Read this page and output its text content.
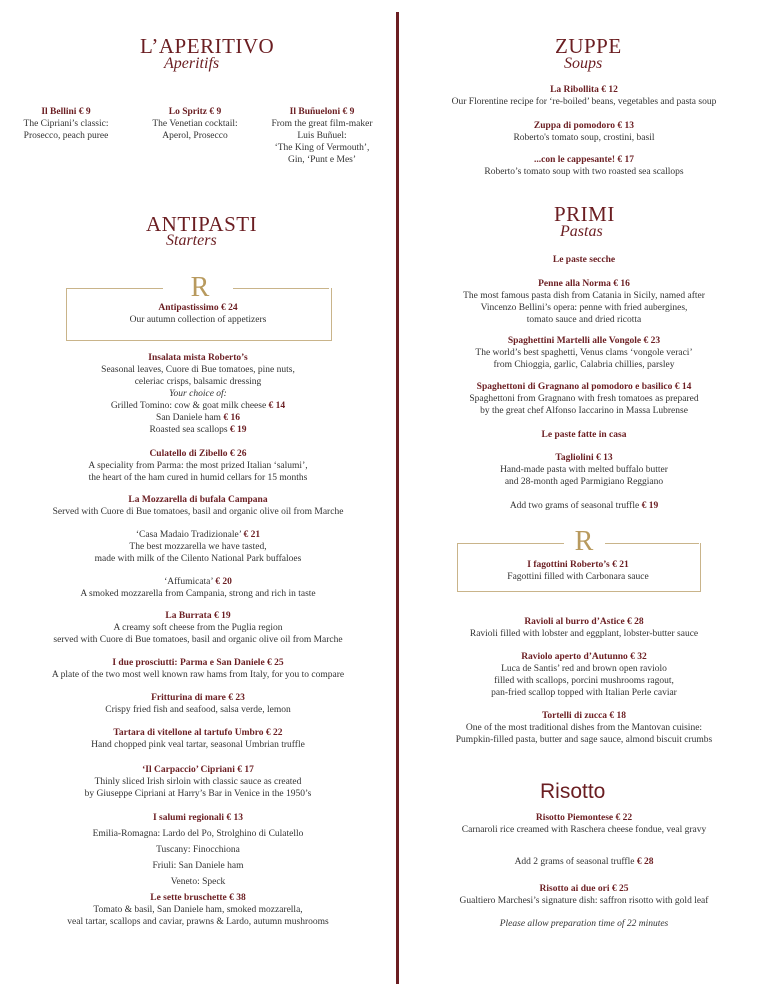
L’APERITIVO
Aperitifs
Il Bellini € 9
The Cipriani’s classic:
Prosecco, peach puree
Lo Spritz € 9
The Venetian cocktail:
Aperol, Prosecco
Il Buñueloni € 9
From the great film-maker
Luis Buñuel:
‘The King of Vermouth’,
Gin, ‘Punt e Mes’
ANTIPASTI
Starters
R
Antipastissimo € 24
Our autumn collection of appetizers
Insalata mista Roberto’s
Seasonal leaves, Cuore di Bue tomatoes, pine nuts,
celeriac crisps, balsamic dressing
Your choice of:
Grilled Tomino: cow & goat milk cheese € 14
San Daniele ham € 16
Roasted sea scallops € 19
Culatello di Zibello € 26
A speciality from Parma: the most prized Italian ‘salumi’,
the heart of the ham cured in humid cellars for 15 months
La Mozzarella di bufala Campana
Served with Cuore di Bue tomatoes, basil and organic olive oil from Marche
‘Casa Madaio Tradizionale’ € 21
The best mozzarella we have tasted,
made with milk of the Cilento National Park buffaloes
‘Affumicata’ € 20
A smoked mozzarella from Campania, strong and rich in taste
La Burrata € 19
A creamy soft cheese from the Puglia region
served with Cuore di Bue tomatoes, basil and organic olive oil from Marche
I due prosciutti: Parma e San Daniele € 25
A plate of the two most well known raw hams from Italy, for you to compare
Fritturina di mare € 23
Crispy fried fish and seafood, salsa verde, lemon
Tartara di vitellone al tartufo Umbro € 22
Hand chopped pink veal tartar, seasonal Umbrian truffle
‘Il Carpaccio’ Cipriani € 17
Thinly sliced Irish sirloin with classic sauce as created
by Giuseppe Cipriani at Harry’s Bar in Venice in the 1950’s
I salumi regionali € 13
Emilia-Romagna: Lardo del Po, Strolghino di Culatello
Tuscany: Finocchiona
Friuli: San Daniele ham
Veneto: Speck
Le sette bruschette € 38
Tomato & basil, San Daniele ham, smoked mozzarella,
veal tartar, scallops and caviar, prawns & Lardo, autumn mushrooms
ZUPPE
Soups
La Ribollita € 12
Our Florentine recipe for ‘re-boiled’ beans, vegetables and pasta soup
Zuppa di pomodoro € 13
Roberto's tomato soup, crostini, basil
...con le cappesante! € 17
Roberto’s tomato soup with two roasted sea scallops
PRIMI
Pastas
Le paste secche
Penne alla Norma € 16
The most famous pasta dish from Catania in Sicily, named after
Vincenzo Bellini’s opera: penne with fried aubergines,
tomato sauce and dried ricotta
Spaghettini Martelli alle Vongole € 23
The world’s best spaghetti, Venus clams ‘vongole veraci’
from Chioggia, garlic, Calabria chillies, parsley
Spaghettoni di Gragnano al pomodoro e basilico € 14
Spaghettoni from Gragnano with fresh tomatoes as prepared
by the great chef Alfonso Iaccarino in Massa Lubrense
Le paste fatte in casa
Tagliolini € 13
Hand-made pasta with melted buffalo butter
and 28-month aged Parmigiano Reggiano
Add two grams of seasonal truffle € 19
R
I fagottini Roberto’s € 21
Fagottini filled with Carbonara sauce
Ravioli al burro d’Astice € 28
Ravioli filled with lobster and eggplant, lobster-butter sauce
Raviolo aperto d’Autunno € 32
Luca de Santis’ red and brown open raviolo
filled with scallops, porcini mushrooms ragout,
pan-fried scallop topped with Italian Perle caviar
Tortelli di zucca € 18
One of the most traditional dishes from the Mantovan cuisine:
Pumpkin-filled pasta, butter and sage sauce, almond biscuit crumbs
Risotto
Risotto Piemontese € 22
Carnaroli rice creamed with Raschera cheese fondue, veal gravy
Add 2 grams of seasonal truffle € 28
Risotto ai due ori € 25
Gualtiero Marchesi’s signature dish: saffron risotto with gold leaf
Please allow preparation time of 22 minutes
